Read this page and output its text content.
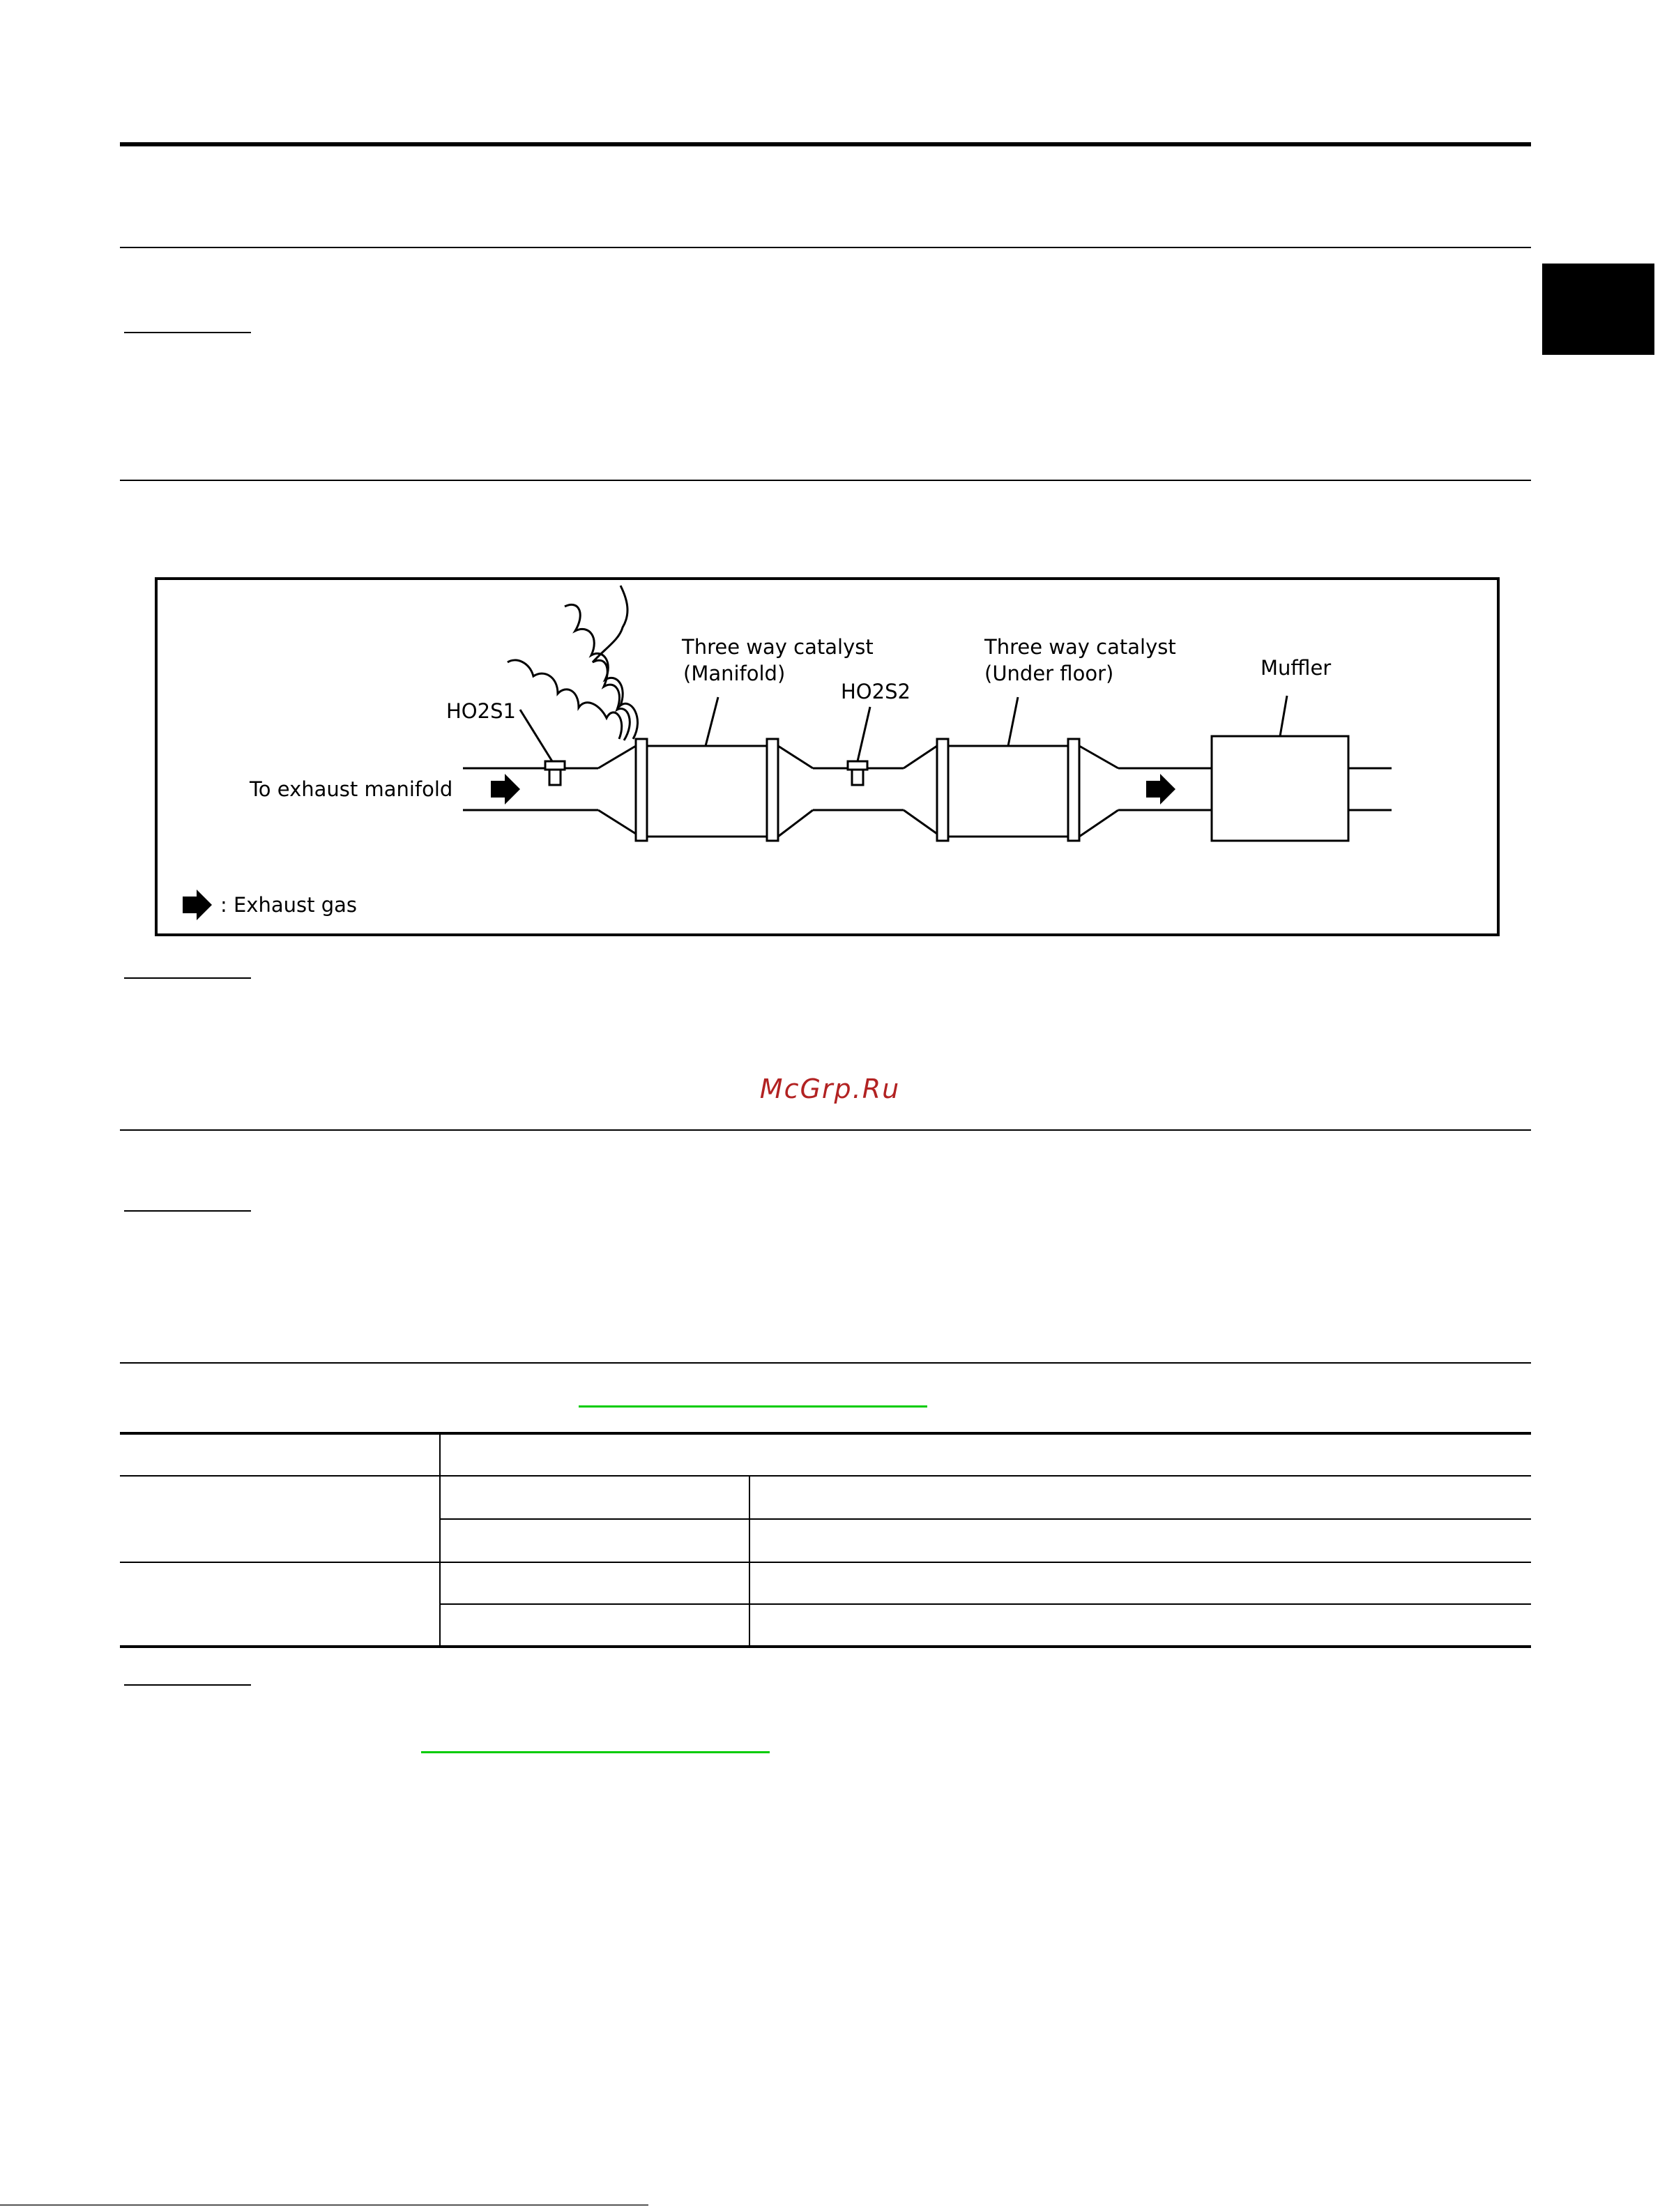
HO2S1
HO2S2
Three way catalyst
(Manifold)
Three way catalyst
(Under floor)	Muffler
To exhaust manifold
: Exhaust gas
McGrp.Ru
